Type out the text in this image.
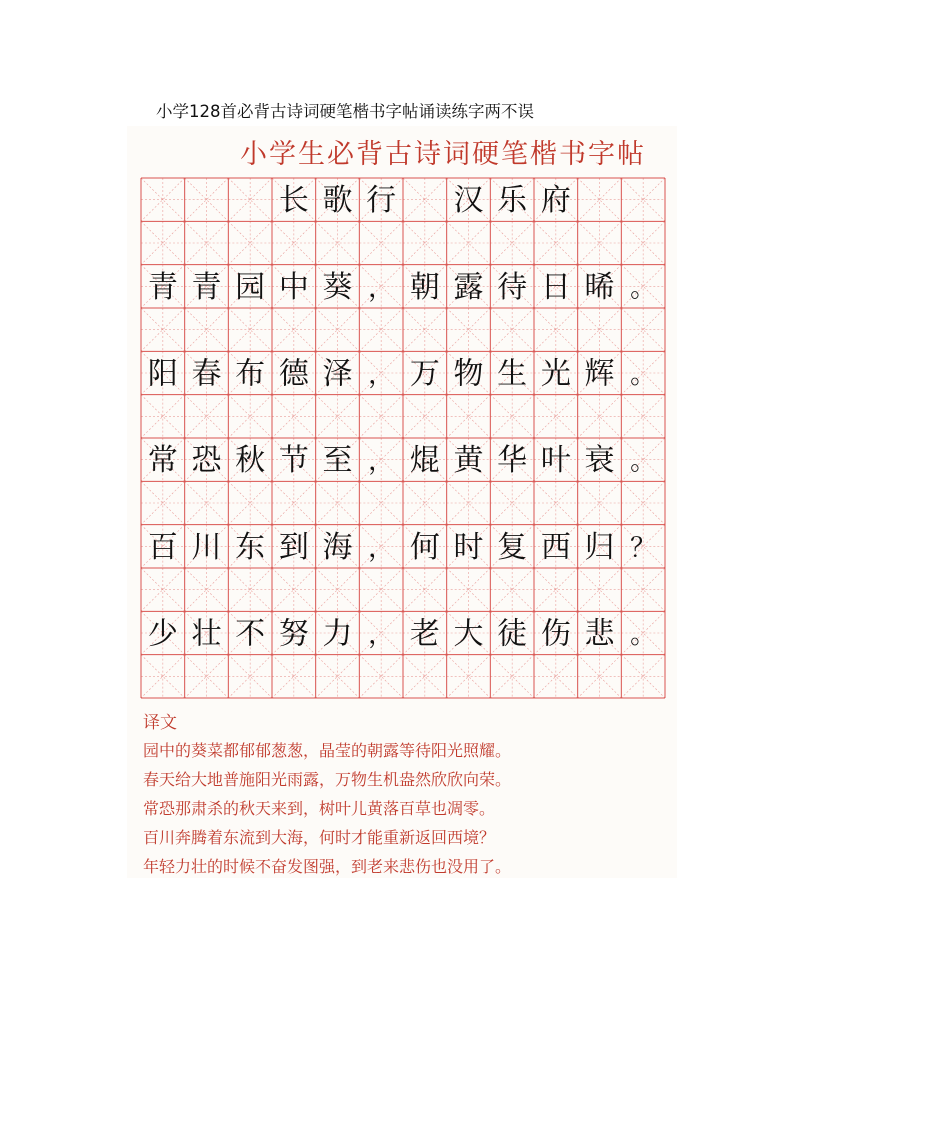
小学128首必背古诗词硬笔楷书字帖诵读练字两不误
小学生必背古诗词硬笔楷书字帖
长 歌 行 汉 乐 府
青 青 园 中 葵 ， 朝 露 待 日 晞 。
阳 春 布 德 泽 ， 万 物 生 光 辉 。
常 恐 秋 节 至 ， 焜 黄 华 叶 衰 。
百 川 东 到 海 ， 何 时 复 西 归 ？
少 壮 不 努 力 ， 老 大 徒 伤 悲 。
译文
园中的葵菜都郁郁葱葱，晶莹的朝露等待阳光照耀。
春天给大地普施阳光雨露，万物生机盎然欣欣向荣。
常恐那肃杀的秋天来到，树叶儿黄落百草也凋零。
百川奔腾着东流到大海，何时才能重新返回西境？
年轻力壮的时候不奋发图强，到老来悲伤也没用了。
